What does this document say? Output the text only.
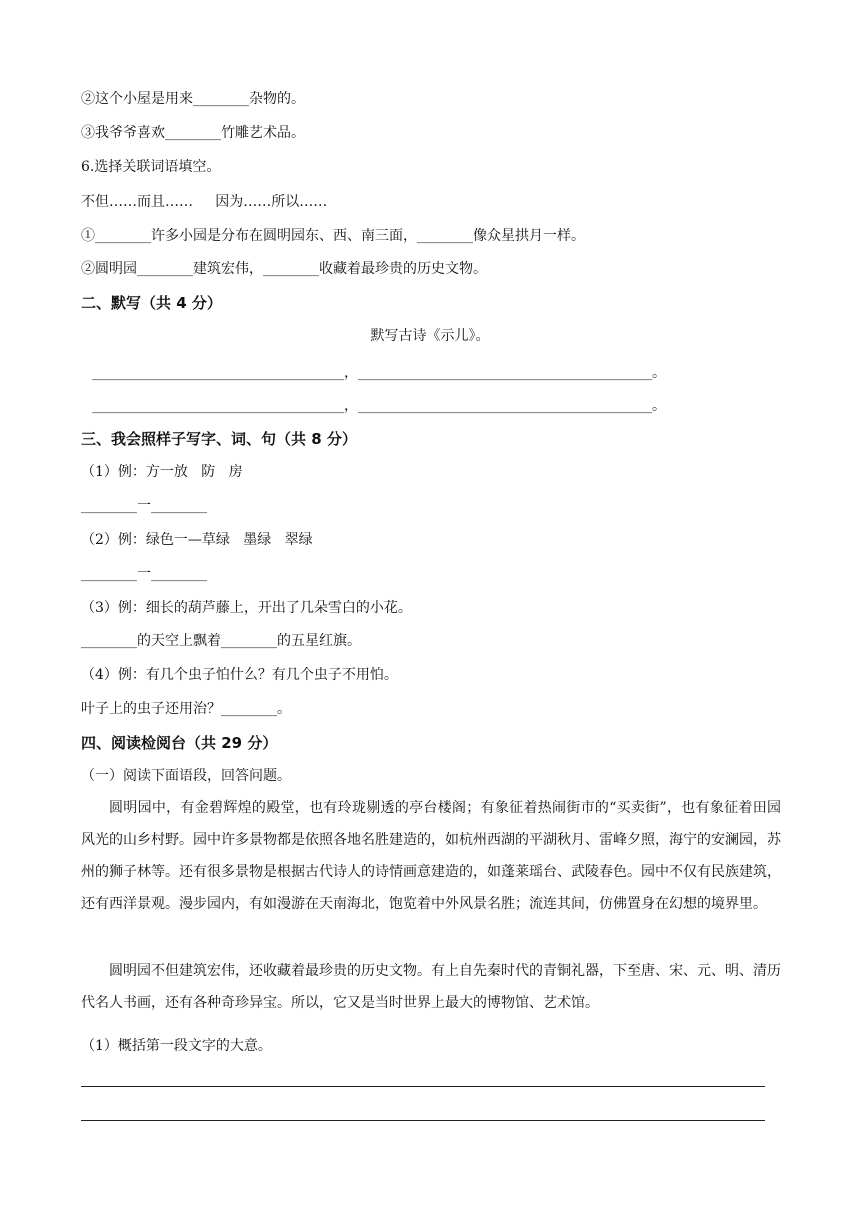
②这个小屋是用来________杂物的。
③我爷爷喜欢________竹雕艺术品。
6.选择关联词语填空。
不但……而且……     因为……所以……
①________许多小园是分布在圆明园东、西、南三面，________像众星拱月一样。
②圆明园________建筑宏伟，________收藏着最珍贵的历史文物。
二、默写（共 4 分）
默写古诗《示儿》。
____________________________________，__________________________________________。
____________________________________，__________________________________________。
三、我会照样子写字、词、句（共 8 分）
（1）例：方一放   防   房
________一________
（2）例：绿色一—草绿   墨绿   翠绿
________一________
（3）例：细长的葫芦藤上，开出了几朵雪白的小花。
________的天空上飘着________的五星红旗。
（4）例：有几个虫子怕什么？有几个虫子不用怕。
叶子上的虫子还用治？________。
四、阅读检阅台（共 29 分）
（一）阅读下面语段，回答问题。

圆明园中，有金碧辉煌的殿堂，也有玲珑剔透的亭台楼阁；有象征着热闹街市的“买卖街”，也有象征着田园风光的山乡村野。园中许多景物都是依照各地名胜建造的，如杭州西湖的平湖秋月、雷峰夕照，海宁的安澜园，苏州的狮子林等。还有很多景物是根据古代诗人的诗情画意建造的，如蓬莱瑶台、武陵春色。园中不仅有民族建筑，还有西洋景观。漫步园内，有如漫游在天南海北，饱览着中外风景名胜；流连其间，仿佛置身在幻想的境界里。

圆明园不但建筑宏伟，还收藏着最珍贵的历史文物。有上自先秦时代的青铜礼器，下至唐、宋、元、明、清历代名人书画，还有各种奇珍异宝。所以，它又是当时世界上最大的博物馆、艺术馆。

（1）概括第一段文字的大意。
